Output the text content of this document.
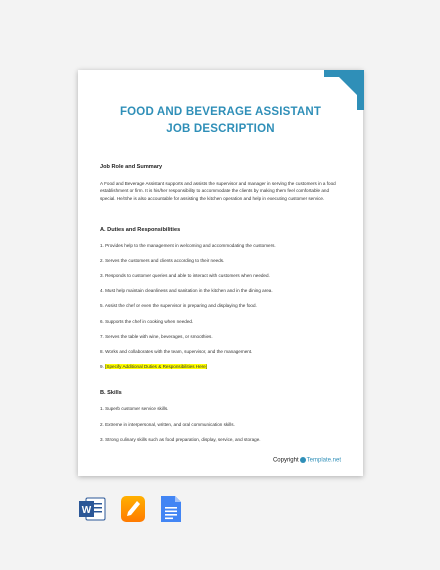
FOOD AND BEVERAGE ASSISTANT
JOB DESCRIPTION
Job Role and Summary
A Food and Beverage Assistant supports and assists the supervisor and manager in serving the customers in a food establishment or firm. It is his/her responsibility to accommodate the clients by making them feel comfortable and special. He/She is also accountable for assisting the kitchen operation and help in executing customer service.
A. Duties and Responsibilities
1. Provides help to the management in welcoming and accommodating the customers.
2. Serves the customers and clients according to their needs.
3. Responds to customer queries and able to interact with customers when needed.
4. Must help maintain cleanliness and sanitation in the kitchen and in the dining area.
5. Assist the chef or even the supervisor in preparing and displaying the food.
6. Supports the chef in cooking when needed.
7. Serves the table with wine, beverages, or smoothies.
8. Works and collaborates with the team, supervisor, and the management.
9. [Specify Additional Duties & Responsibilities Here]
B. Skills
1. Superb customer service skills.
2. Extreme in interpersonal, written, and oral communication skills.
3. Strong culinary skills such as food preparation, display, service, and storage.
Copyright Template.net
W
